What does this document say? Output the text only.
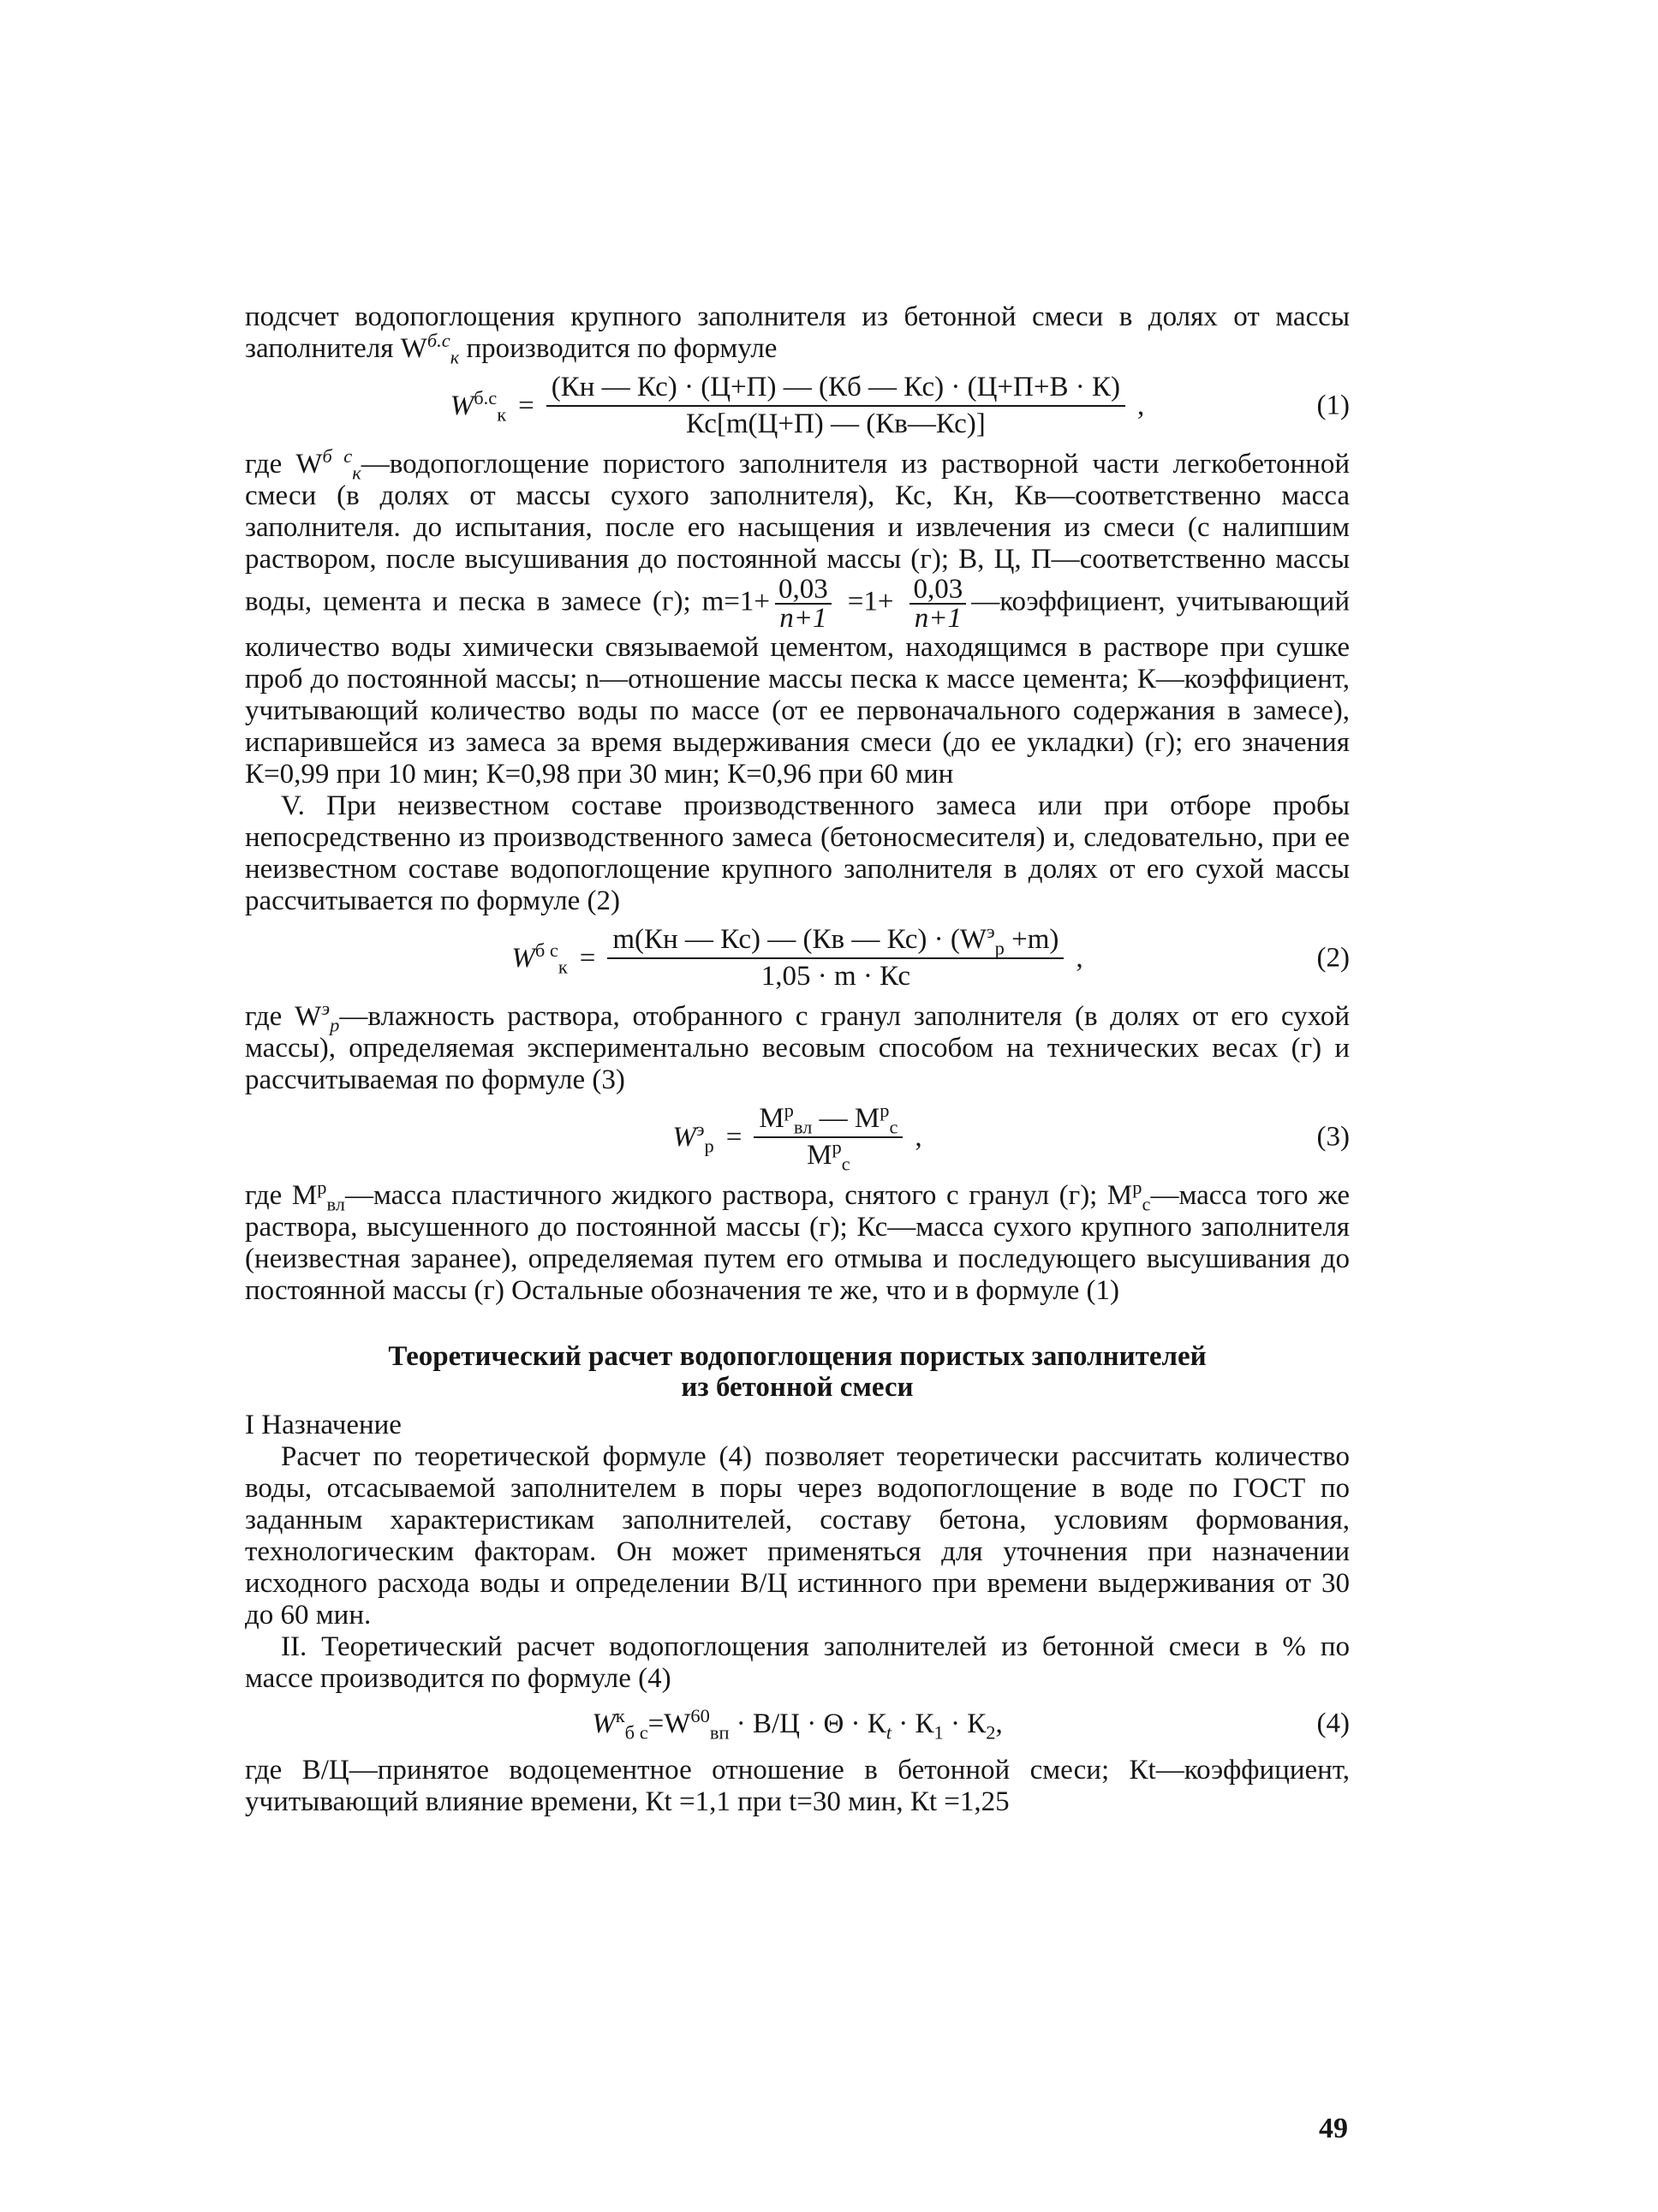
подсчет водопоглощения крупного заполнителя из бетонной смеси в долях от массы заполнителя $W^{б.с}_к$ производится по формуле

$W^{б.с}_к = \frac{(Кн — Кс) \cdot (Ц+П) — (Кб — Кс) \cdot (Ц+П+В \cdot К)}{Кс[m(Ц+П) — (Кв—Кс)]}$ ,	(1)

где $W^{б с}_к—водопоглощение$ пористого заполнителя из растворной части легкобетонной смеси (в долях от массы сухого заполнителя), Кс, Кн, Кв—соответственно масса заполнителя. до испытания, после его насыщения и извлечения из смеси (с налипшим раствором, после высушивания до постоянной массы (г); В, Ц, П—соответственно массы воды, цемента и песка в замесе (г); $m=1+ \frac{0,03}{n+1} =1+ \frac{0,03}{n+1}$ —коэффициент, учитывающий количество воды химически связываемой цементом, находящимся в растворе при сушке проб до постоянной массы; n—отношение массы песка к массе цемента; К—коэффициент, учитывающий количество воды по массе (от ее первоначального содержания в замесе), испарившейся из замеса за время выдерживания смеси (до ее укладки) (г); его значения К=0,99 при 10 мин; К=0,98 при 30 мин; К=0,96 при 60 мин

V. При неизвестном составе производственного замеса или при отборе пробы непосредственно из производственного замеса (бетоносмесителя) и, следовательно, при ее неизвестном составе водопоглощение крупного заполнителя в долях от его сухой массы рассчитывается по формуле (2)

$W^{б с}_к = \frac{m(Кн — Кс) — (Кв — Кс) \cdot (W^э_р +m)}{1,05 \cdot m \cdot Кс}$ ,	(2)

где $W^э_р—влажность$ раствора, отобранного с гранул заполнителя (в долях от его сухой массы), определяемая экспериментально весовым способом на технических весах (г) и рассчитываемая по формуле (3)

$W^э_р = \frac{М^р_{вл} — М^р_с}{М^р_с}$ ,	(3)

где $М^р_{вл}—масса$ пластичного жидкого раствора, снятого с гранул (г); $М^р_с—масса$ того же раствора, высушенного до постоянной массы (г); Кс—масса сухого крупного заполнителя (неизвестная заранее), определяемая путем его отмыва и последующего высушивания до постоянной массы (г) Остальные обозначения те же, что и в формуле (1)

Теоретический расчет водопоглощения пористых заполнителей
из бетонной смеси

I Назначение

Расчет по теоретической формуле (4) позволяет теоретически рассчитать количество воды, отсасываемой заполнителем в поры через водопоглощение в воде по ГОСТ по заданным характеристикам заполнителей, составу бетона, условиям формования, технологическим факторам. Он может применяться для уточнения при назначении исходного расхода воды и определении В/Ц истинного при времени выдерживания от 30 до 60 мин.

II. Теоретический расчет водопоглощения заполнителей из бетонной смеси в % по массе производится по формуле (4)

$W^к_{б с} =W^{60}_{вп} \cdot В/Ц \cdot \Theta \cdot К_t \cdot К_1 \cdot К_2$,	(4)

где В/Ц—принятое водоцементное отношение в бетонной смеси; Кt—коэффициент, учитывающий влияние времени, Кt =1,1 при t=30 мин, Кt =1,25

49
